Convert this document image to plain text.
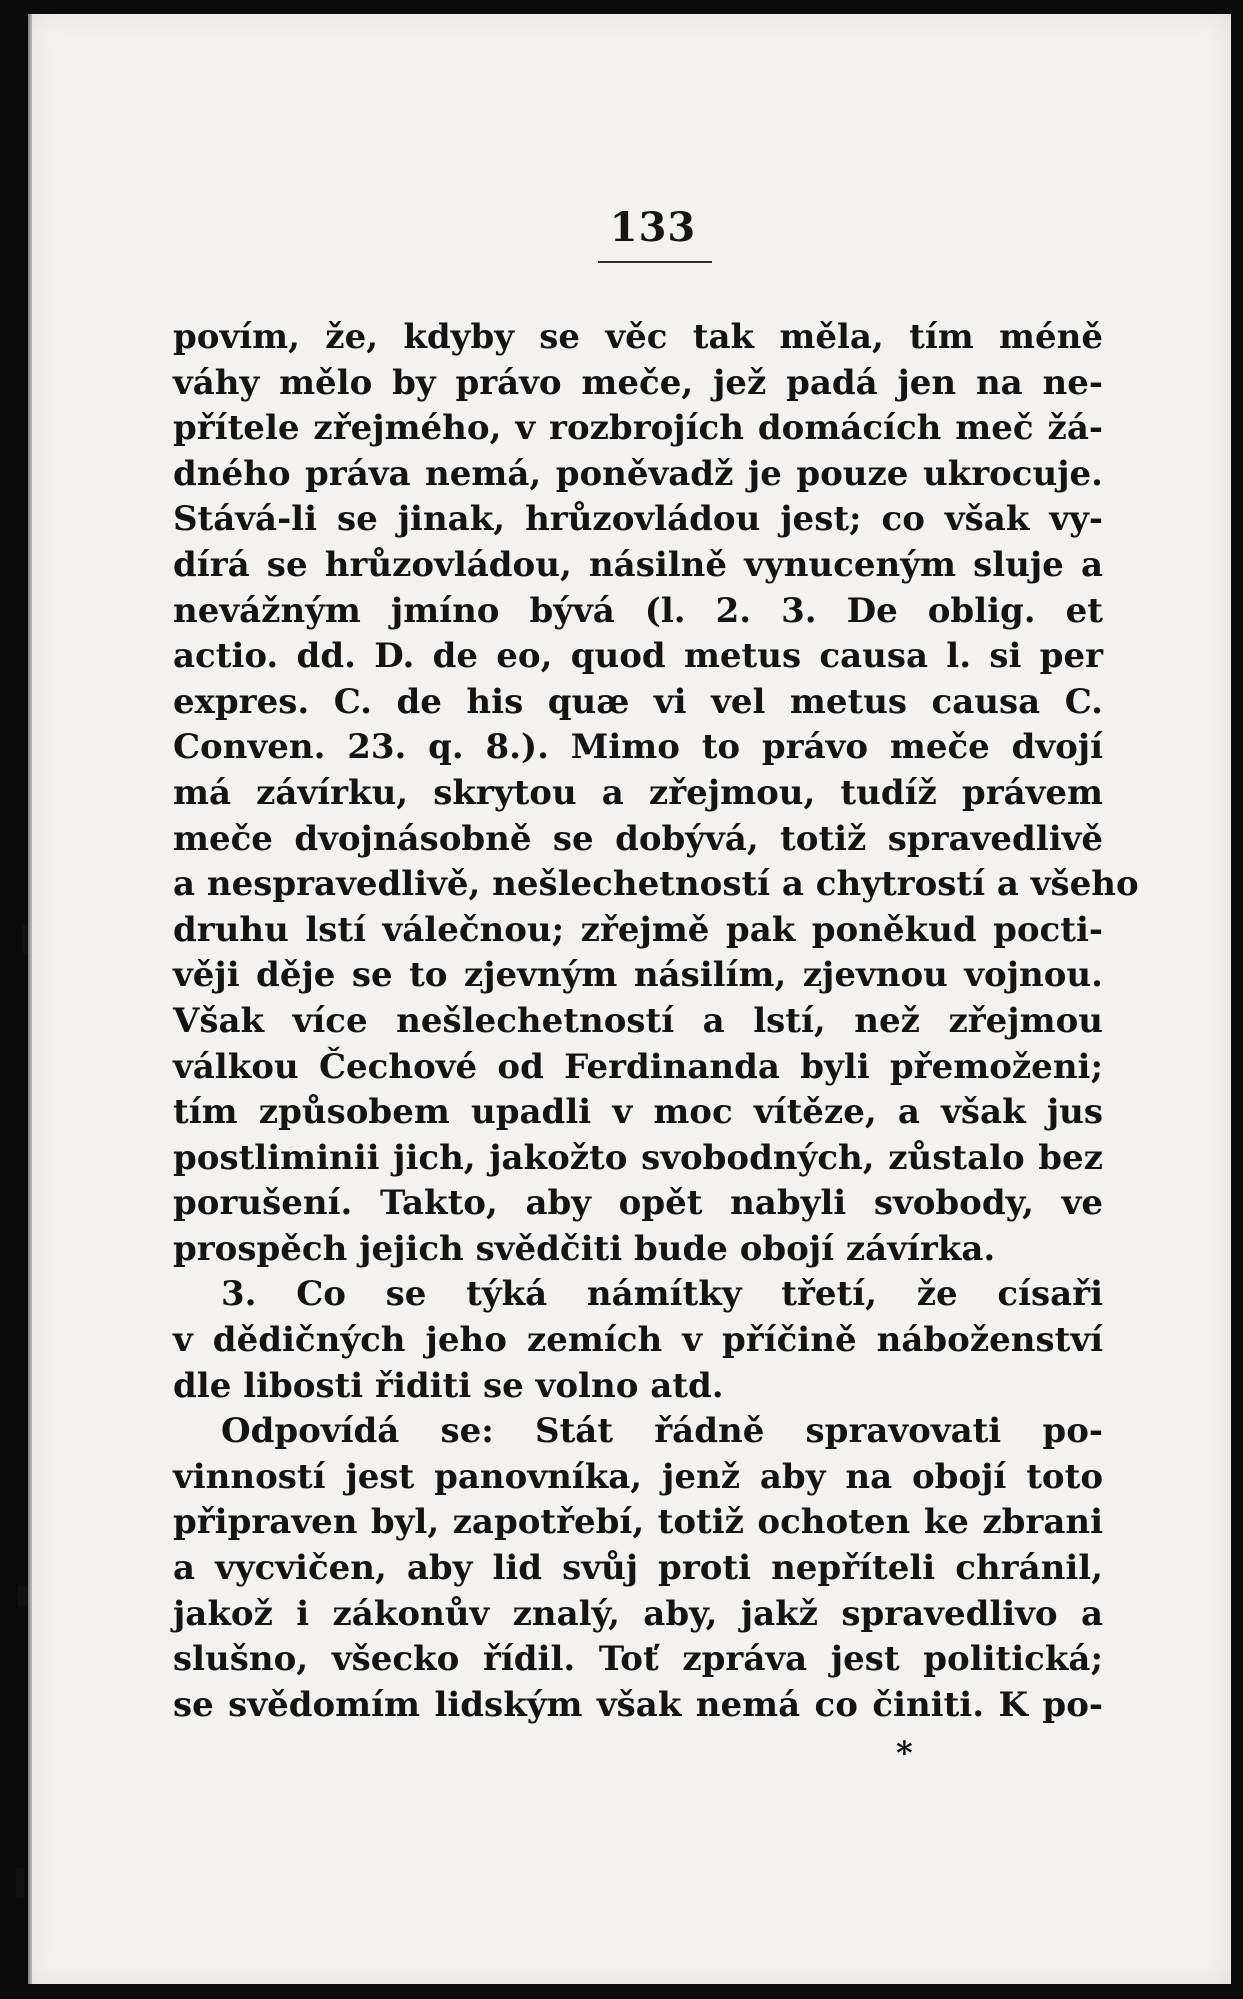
133
povím, že, kdyby se věc tak měla, tím méně
váhy mělo by právo meče, jež padá jen na ne-
přítele zřejmého, v rozbrojích domácích meč žá-
dného práva nemá, poněvadž je pouze ukrocuje.
Stává-li se jinak, hrůzovládou jest; co však vy-
dírá se hrůzovládou, násilně vynuceným sluje a
nevážným jmíno bývá (l. 2. 3. De oblig. et
actio. dd. D. de eo, quod metus causa l. si per
expres. C. de his quæ vi vel metus causa C.
Conven. 23. q. 8.). Mimo to právo meče dvojí
má závírku, skrytou a zřejmou, tudíž právem
meče dvojnásobně se dobývá, totiž spravedlivě
a nespravedlivě, nešlechetností a chytrostí a všeho
druhu lstí válečnou; zřejmě pak poněkud pocti-
věji děje se to zjevným násilím, zjevnou vojnou.
Však více nešlechetností a lstí, než zřejmou
válkou Čechové od Ferdinanda byli přemoženi;
tím způsobem upadli v moc vítěze, a však jus
postliminii jich, jakožto svobodných, zůstalo bez
porušení. Takto, aby opět nabyli svobody, ve
prospěch jejich svědčiti bude obojí závírka.
3. Co se týká námítky třetí, že císaři
v dědičných jeho zemích v příčině náboženství
dle libosti řiditi se volno atd.
Odpovídá se: Stát řádně spravovati po-
vinností jest panovníka, jenž aby na obojí toto
připraven byl, zapotřebí, totiž ochoten ke zbrani
a vycvičen, aby lid svůj proti nepříteli chránil,
jakož i zákonův znalý, aby, jakž spravedlivo a
slušno, všecko řídil. Toť zpráva jest politická;
se svědomím lidským však nemá co činiti. K po-
*
